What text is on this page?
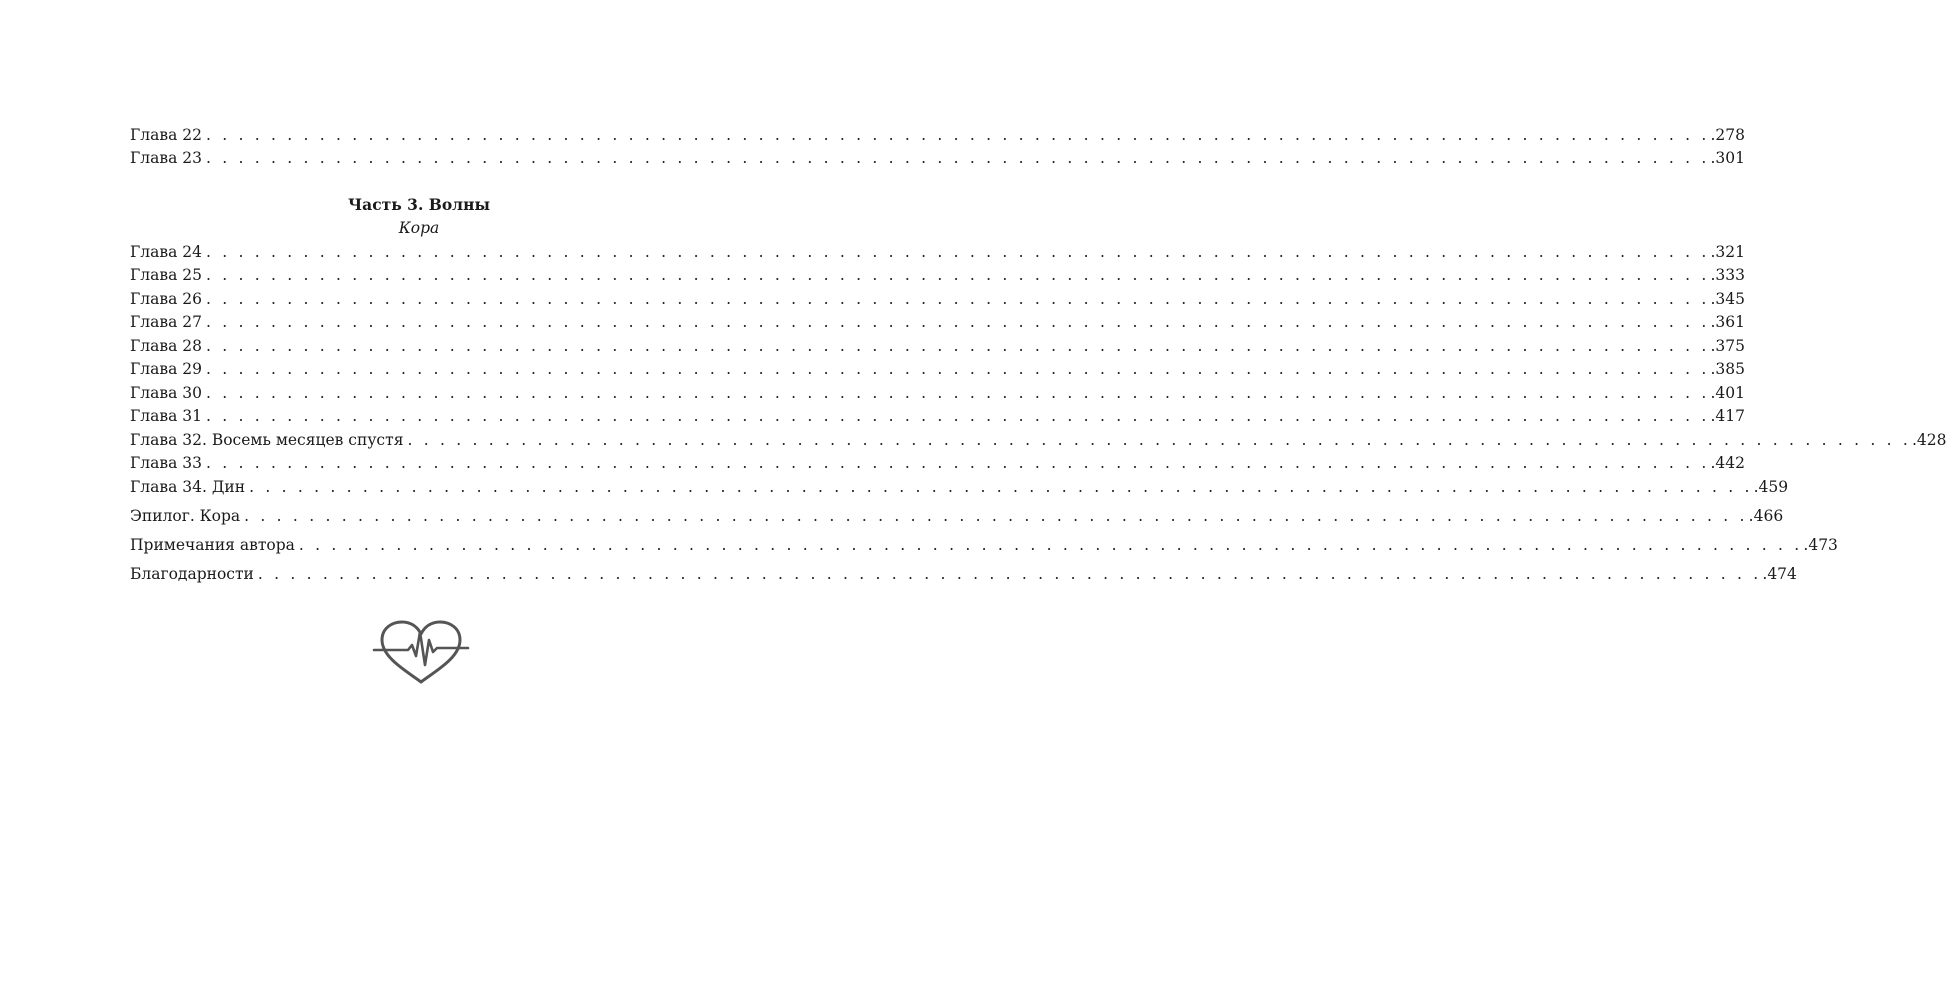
Глава 22 . . . . . . . . . . . . . . . . . . . . . . . . . . . . . . . . . . . . . . . . . . . . . . . . . . . . . . . . . . . . . . . . . . . . . . . . . . . . . . . . . . . . . . . . . . . . . .278
Глава 23 . . . . . . . . . . . . . . . . . . . . . . . . . . . . . . . . . . . . . . . . . . . . . . . . . . . . . . . . . . . . . . . . . . . . . . . . . . . . . . . . . . . . . . . . . . . . . .301
Часть 3. Волны
Кора
Глава 24 . . . . . . . . . . . . . . . . . . . . . . . . . . . . . . . . . . . . . . . . . . . . . . . . . . . . . . . . . . . . . . . . . . . . . . . . . . . . . . . . . . . . . . . . . . . . . .321
Глава 25 . . . . . . . . . . . . . . . . . . . . . . . . . . . . . . . . . . . . . . . . . . . . . . . . . . . . . . . . . . . . . . . . . . . . . . . . . . . . . . . . . . . . . . . . . . . . . .333
Глава 26 . . . . . . . . . . . . . . . . . . . . . . . . . . . . . . . . . . . . . . . . . . . . . . . . . . . . . . . . . . . . . . . . . . . . . . . . . . . . . . . . . . . . . . . . . . . . . .345
Глава 27 . . . . . . . . . . . . . . . . . . . . . . . . . . . . . . . . . . . . . . . . . . . . . . . . . . . . . . . . . . . . . . . . . . . . . . . . . . . . . . . . . . . . . . . . . . . . . .361
Глава 28 . . . . . . . . . . . . . . . . . . . . . . . . . . . . . . . . . . . . . . . . . . . . . . . . . . . . . . . . . . . . . . . . . . . . . . . . . . . . . . . . . . . . . . . . . . . . . .375
Глава 29 . . . . . . . . . . . . . . . . . . . . . . . . . . . . . . . . . . . . . . . . . . . . . . . . . . . . . . . . . . . . . . . . . . . . . . . . . . . . . . . . . . . . . . . . . . . . . .385
Глава 30 . . . . . . . . . . . . . . . . . . . . . . . . . . . . . . . . . . . . . . . . . . . . . . . . . . . . . . . . . . . . . . . . . . . . . . . . . . . . . . . . . . . . . . . . . . . . . .401
Глава 31 . . . . . . . . . . . . . . . . . . . . . . . . . . . . . . . . . . . . . . . . . . . . . . . . . . . . . . . . . . . . . . . . . . . . . . . . . . . . . . . . . . . . . . . . . . . . . .417
Глава 32. Восемь месяцев спустя . . . . . . . . . . . . . . . . . . . . . . . . . . . . . . . . . . . . . . . . . . . . . . . . . . . . . . . . . . . . . . . . . . . . . . . . . . . . . . . . . . . . . . . . . . . . . .428
Глава 33 . . . . . . . . . . . . . . . . . . . . . . . . . . . . . . . . . . . . . . . . . . . . . . . . . . . . . . . . . . . . . . . . . . . . . . . . . . . . . . . . . . . . . . . . . . . . . .442
Глава 34. Дин . . . . . . . . . . . . . . . . . . . . . . . . . . . . . . . . . . . . . . . . . . . . . . . . . . . . . . . . . . . . . . . . . . . . . . . . . . . . . . . . . . . . . . . . . . . . . .459
Эпилог. Кора . . . . . . . . . . . . . . . . . . . . . . . . . . . . . . . . . . . . . . . . . . . . . . . . . . . . . . . . . . . . . . . . . . . . . . . . . . . . . . . . . . . . . . . . . . . . . .466
Примечания автора . . . . . . . . . . . . . . . . . . . . . . . . . . . . . . . . . . . . . . . . . . . . . . . . . . . . . . . . . . . . . . . . . . . . . . . . . . . . . . . . . . . . . . . . . . . . . .473
Благодарности . . . . . . . . . . . . . . . . . . . . . . . . . . . . . . . . . . . . . . . . . . . . . . . . . . . . . . . . . . . . . . . . . . . . . . . . . . . . . . . . . . . . . . . . . . . . . .474
